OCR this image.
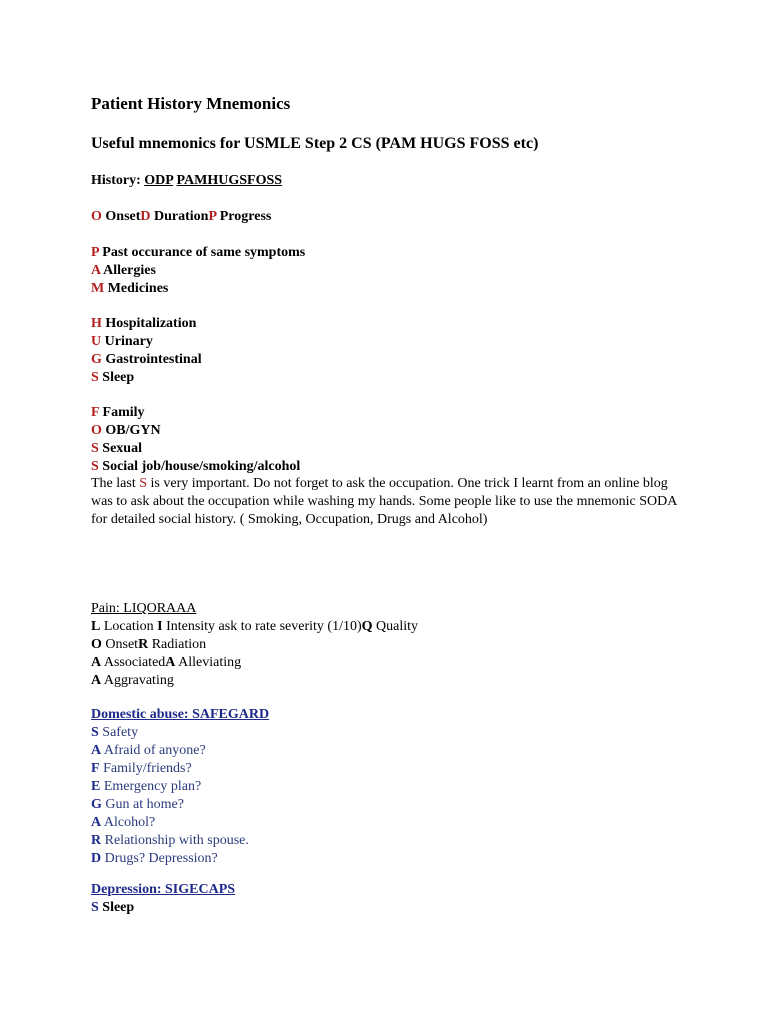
Patient History Mnemonics
Useful mnemonics for USMLE Step 2 CS (PAM HUGS FOSS etc)
History: ODP PAMHUGSFOSS
O OnsetD DurationP Progress
P Past occurance of same symptoms
A Allergies
M Medicines
H Hospitalization
U Urinary
G Gastrointestinal
S Sleep
F Family
O OB/GYN
S Sexual
S Social job/house/smoking/alcohol
The last S is very important. Do not forget to ask the occupation. One trick I learnt from an online blog was to ask about the occupation while washing my hands. Some people like to use the mnemonic SODA for detailed social history. ( Smoking, Occupation, Drugs and Alcohol)
Pain: LIQORAAA
L Location I Intensity ask to rate severity (1/10)Q Quality
O OnsetR Radiation
A AssociatedA Alleviating
A Aggravating
Domestic abuse: SAFEGARD
S Safety
A Afraid of anyone?
F Family/friends?
E Emergency plan?
G Gun at home?
A Alcohol?
R Relationship with spouse.
D Drugs? Depression?
Depression: SIGECAPS
S Sleep
